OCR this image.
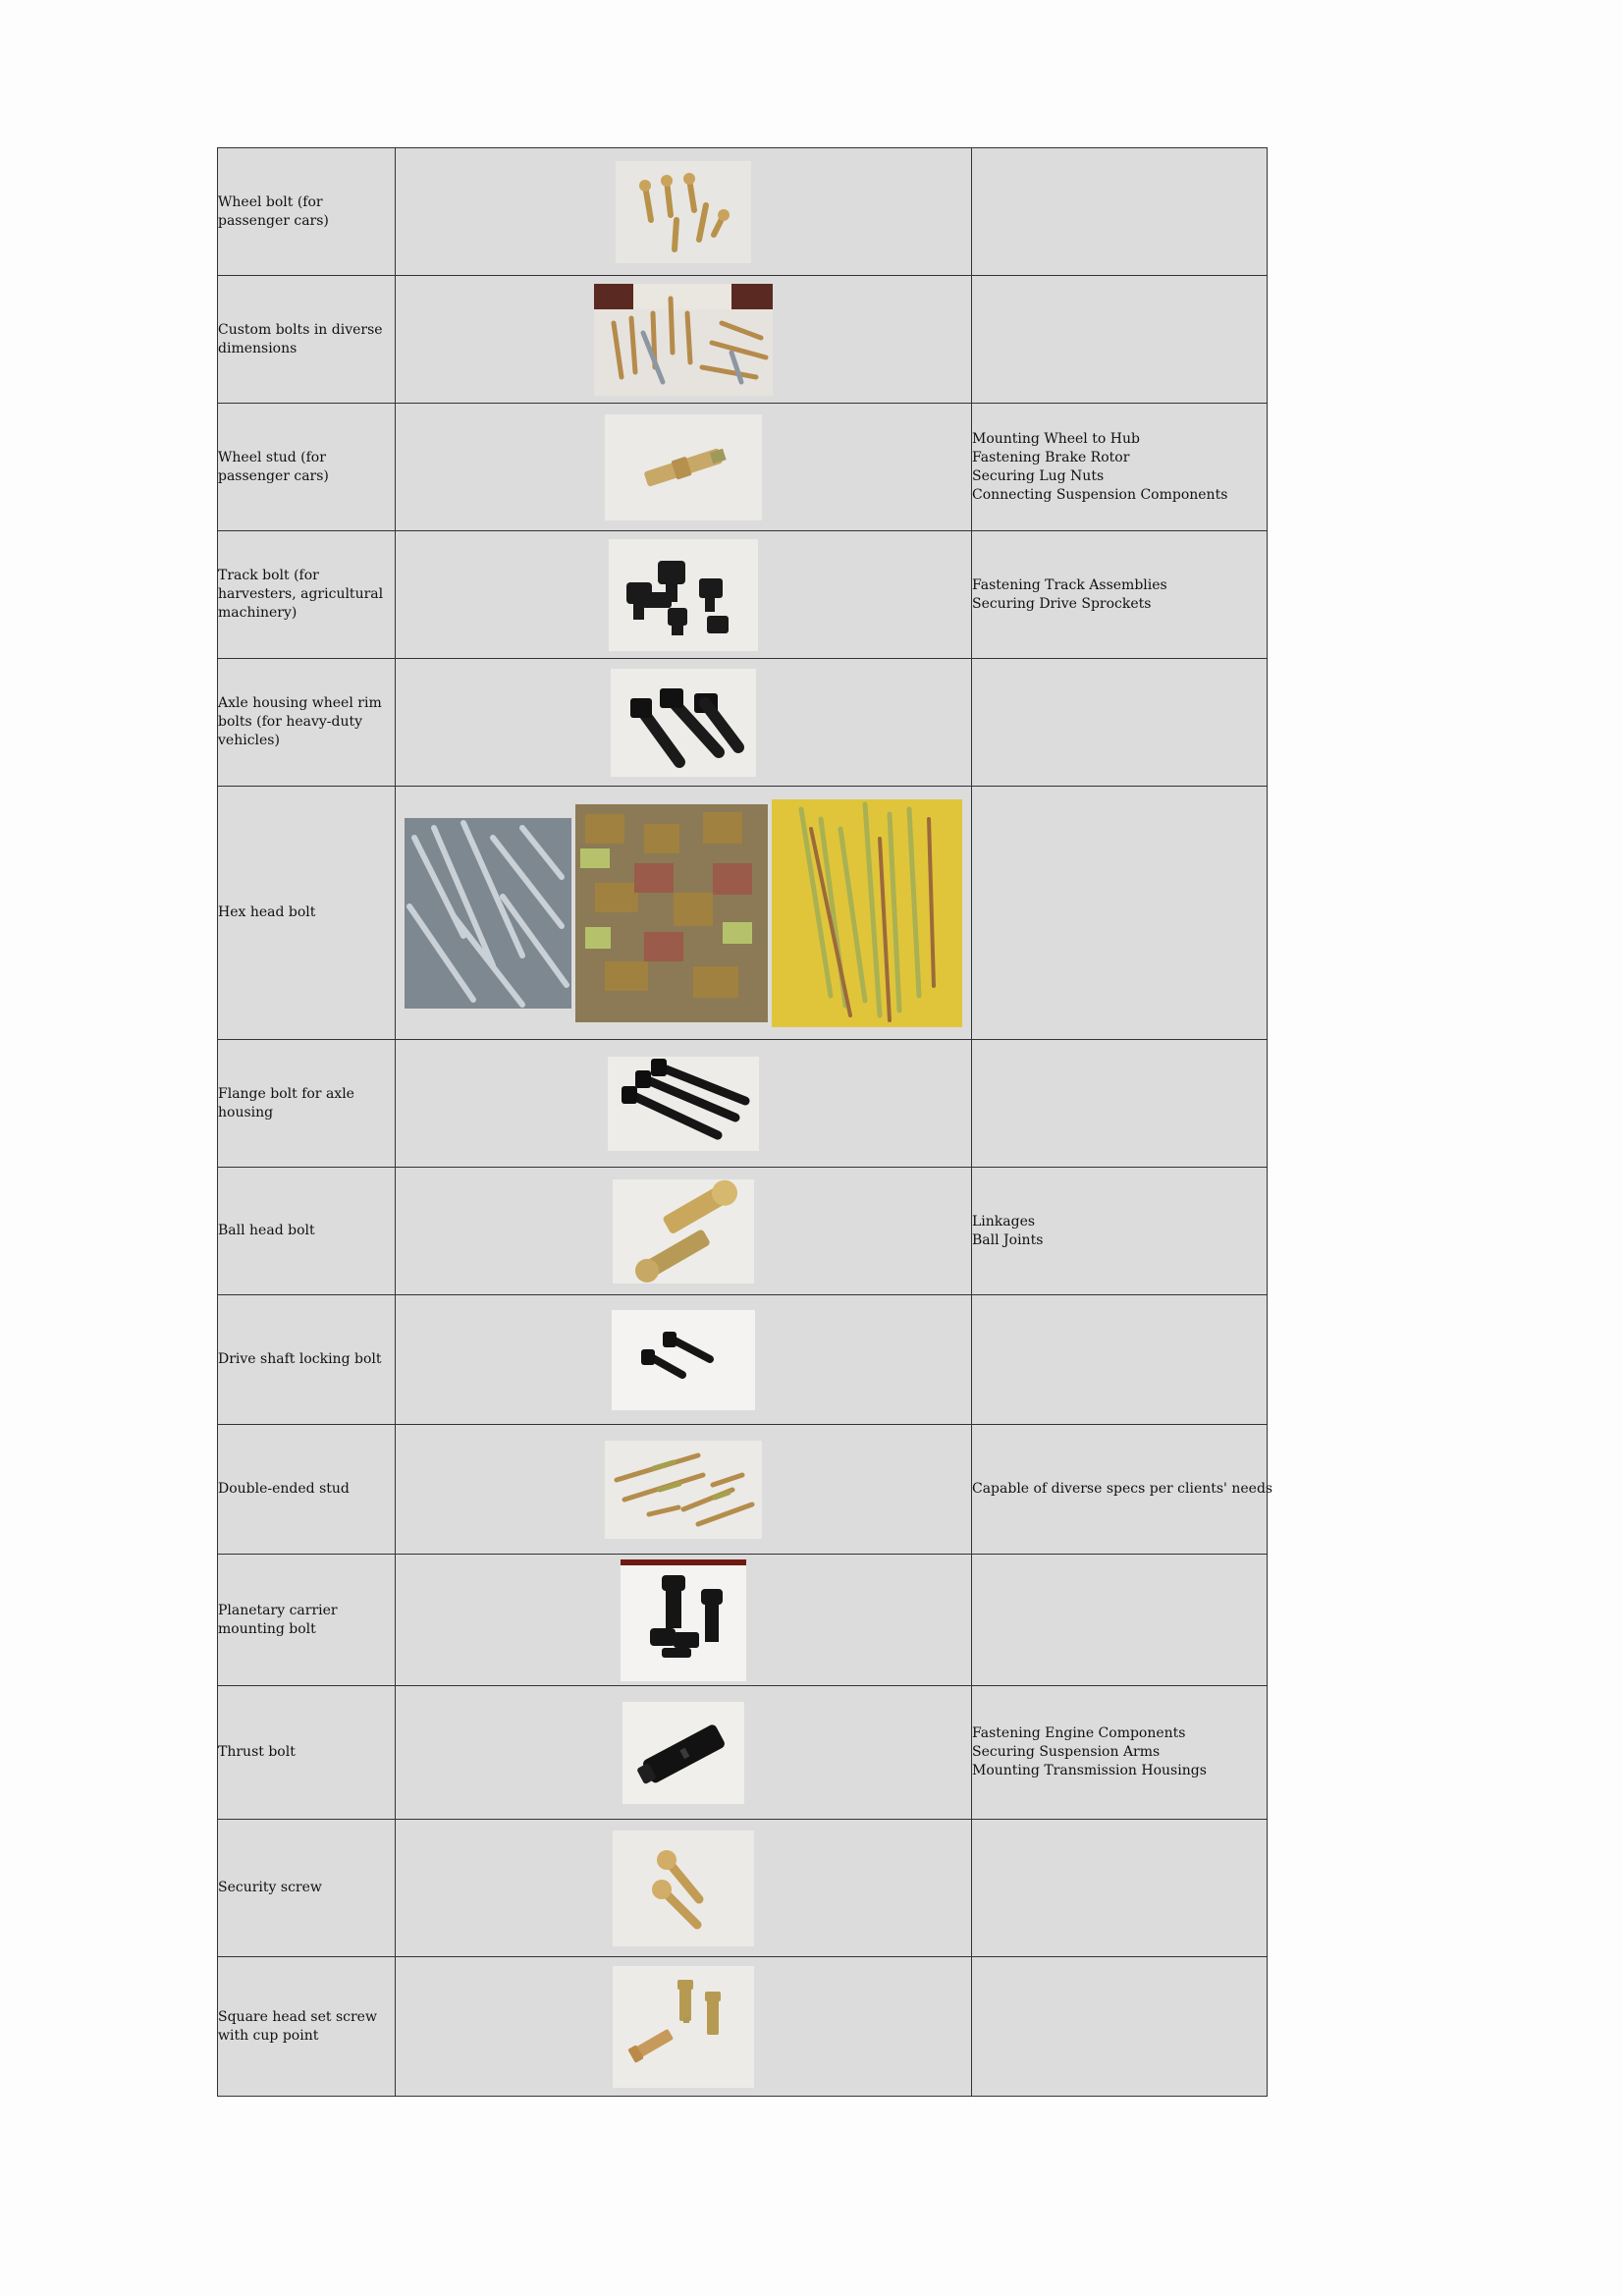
Wheel bolt (for passenger cars)	

Custom bolts in diverse dimensions	

Wheel stud (for passenger cars)		Mounting Wheel to Hub
Fastening Brake Rotor
Securing Lug Nuts
Connecting Suspension Components

Track bolt (for harvesters, agricultural machinery)		Fastening Track Assemblies
Securing Drive Sprockets

Axle housing wheel rim bolts (for heavy-duty vehicles)	

Hex head bolt	

Flange bolt for axle housing	

Ball head bolt		Linkages
Ball Joints

Drive shaft locking bolt	

Double-ended stud		Capable of diverse specs per clients' needs

Planetary carrier mounting bolt	

Thrust bolt		Fastening Engine Components
Securing Suspension Arms
Mounting Transmission Housings

Security screw	

Square head set screw with cup point	
